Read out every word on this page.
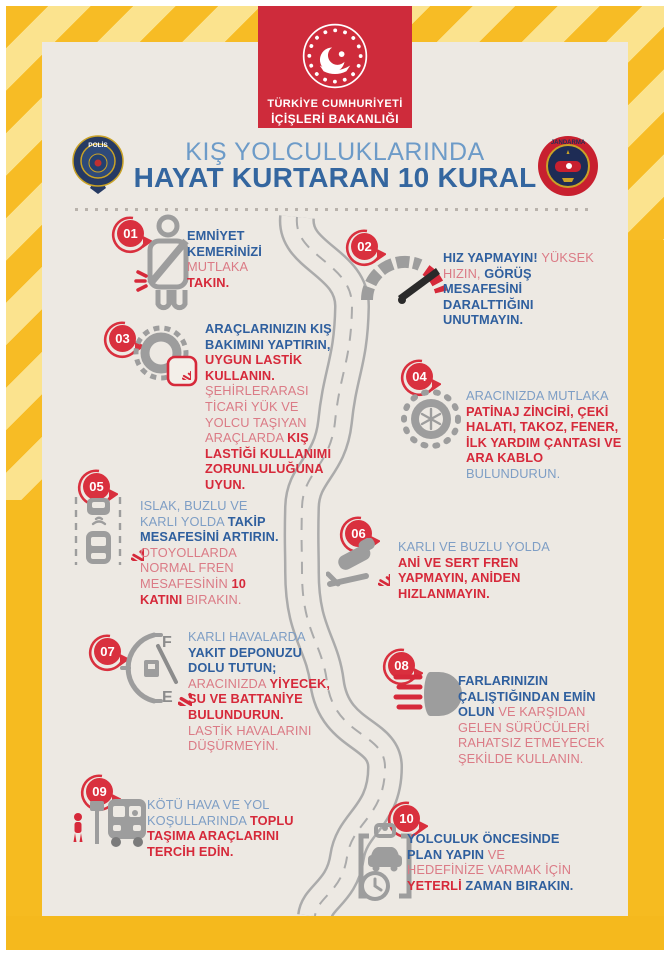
TÜRKİYE CUMHURİYETİ
İÇİŞLERİ BAKANLIĞI
POLİS	JANDARMA
KIŞ YOLCULUKLARINDA
HAYAT KURTARAN 10 KURAL
01	EMNİYET KEMERİNİZİ MUTLAKA TAKIN.
02
HIZ YAPMAYIN! YÜKSEK HIZIN, GÖRÜŞ MESAFESİNİ DARALTTIĞINI UNUTMAYIN.
03
ARAÇLARINIZIN KIŞ BAKIMINI YAPTIRIN, UYGUN LASTİK KULLANIN. ŞEHİRLERARASI TİCARİ YÜK VE YOLCU TAŞIYAN ARAÇLARDA KIŞ LASTİĞİ KULLANIMI ZORUNLULUĞUNA UYUN.
04
ARACINIZDA MUTLAKA PATİNAJ ZİNCİRİ, ÇEKİ HALATI, TAKOZ, FENER, İLK YARDIM ÇANTASI VE ARA KABLO BULUNDURUN.
05
ISLAK, BUZLU VE KARLI YOLDA TAKİP MESAFESİNİ ARTIRIN. OTOYOLLARDA NORMAL FREN MESAFESİNİN 10 KATINI BIRAKIN.
06
KARLI VE BUZLU YOLDA ANİ VE SERT FREN YAPMAYIN, ANİDEN HIZLANMAYIN.
07
F
E
KARLI HAVALARDA YAKIT DEPONUZU DOLU TUTUN; ARACINIZDA YİYECEK, SU VE BATTANİYE BULUNDURUN. LASTİK HAVALARINI DÜŞÜRMEYİN.
08
FARLARINIZIN ÇALIŞTIĞINDAN EMİN OLUN VE KARŞIDAN GELEN SÜRÜCÜLERİ RAHATSIZ ETMEYECEK ŞEKİLDE KULLANIN.
09
KÖTÜ HAVA VE YOL KOŞULLARINDA TOPLU TAŞIMA ARAÇLARINI TERCİH EDİN.
10
YOLCULUK ÖNCESİNDE PLAN YAPIN VE HEDEFİNİZE VARMAK İÇİN YETERLİ ZAMAN BIRAKIN.
